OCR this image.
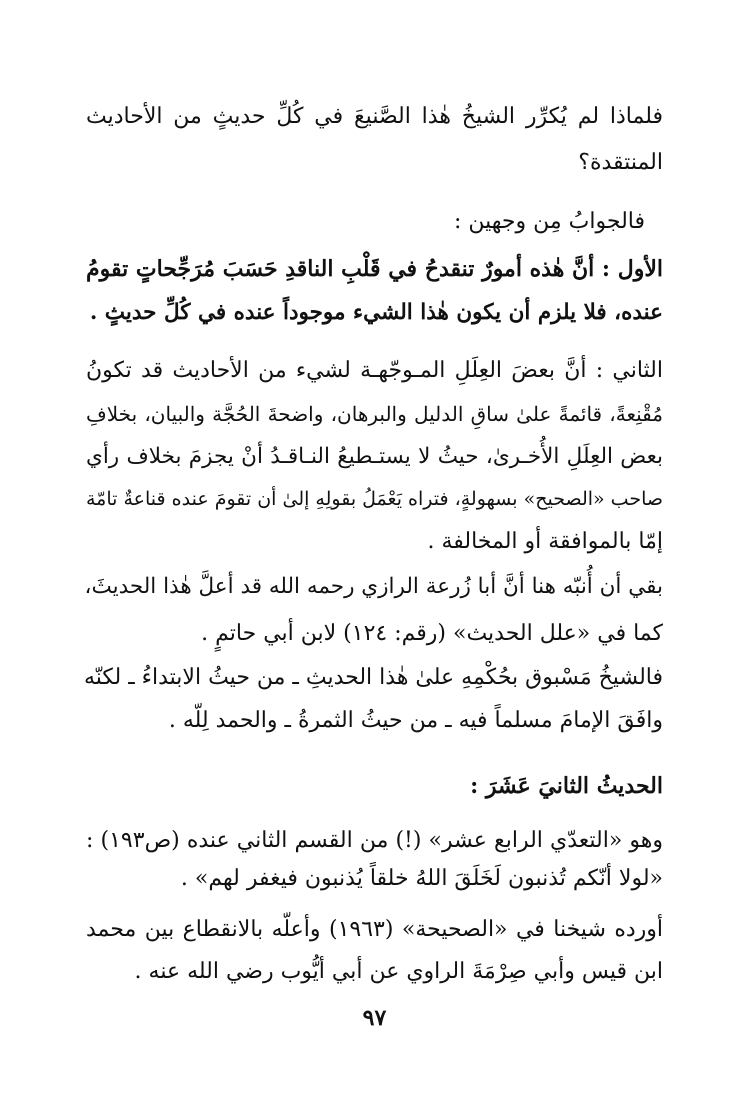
فلماذا لم يُكرِّر الشيخُ هٰذا الصَّنيعَ في كُلِّ حديثٍ من الأحاديث
المنتقدة؟
فالجوابُ مِن وجهين :
الأول : أنَّ هٰذه أمورٌ تنقدحُ في قَلْبِ الناقدِ حَسَبَ مُرَجِّحاتٍ تقومُ
عنده، فلا يلزم أن يكون هٰذا الشيء موجوداً عنده في كُلِّ حديثٍ .
الثاني : أنَّ بعضَ العِلَلِ المـوجّهـة لشيء من الأحاديث قد تكونُ
مُقْنِعةً، قائمةً علىٰ ساقِ الدليل والبرهان، واضحةَ الحُجَّة والبيان، بخلافِ
بعض العِلَلِ الأُخـرىٰ، حيثُ لا يستـطيعُ النـاقـدُ أنْ يجزمَ بخلاف رأي
صاحب «الصحيح» بسهولةٍ، فتراه يَعْمَلُ بقولِهِ إلىٰ أن تقومَ عنده قناعةٌ تامّة
إمّا بالموافقة أو المخالفة .
بقي أن أُنبّه هنا أنَّ أبا زُرعة الرازي رحمه الله قد أعلَّ هٰذا الحديثَ،
كما في «علل الحديث» (رقم: ١٢٤) لابن أبي حاتمٍ .
فالشيخُ مَسْبوق بحُكْمِهِ علىٰ هٰذا الحديثِ ـ من حيثُ الابتداءُ ـ لكنّه
وافَقَ الإمامَ مسلماً فيه ـ من حيثُ الثمرةُ ـ والحمد لِلّه .
الحديثُ الثانيَ عَشَرَ :
وهو «التعدّي الرابع عشر» (!) من القسم الثاني عنده (ص١٩٣) :
«لولا أنّكم تُذنبون لَخَلَقَ اللهُ خلقاً يُذنبون فيغفر لهم» .
أورده شيخنا في «الصحيحة» (١٩٦٣) وأعلّه بالانقطاع بين محمد
ابن قيس وأبي صِرْمَةَ الراوي عن أبي أيُّوب رضي الله عنه .
٩٧
